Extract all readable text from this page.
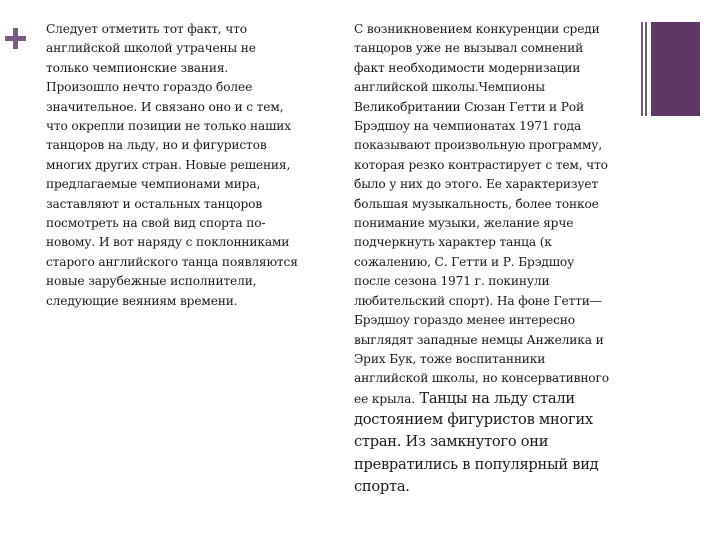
Следует отметить тот факт, что
английской школой утрачены не
только чемпионские звания.
Произошло нечто гораздо более
значительное. И связано оно и с тем,
что окрепли позиции не только наших
танцоров на льду, но и фигуристов
многих других стран. Новые решения,
предлагаемые чемпионами мира,
заставляют и остальных танцоров
посмотреть на свой вид спорта по-
новому. И вот наряду с поклонниками
старого английского танца появляются
новые зарубежные исполнители,
следующие веяниям времени.
С возникновением конкуренции среди
танцоров уже не вызывал сомнений
факт необходимости модернизации
английской школы.Чемпионы
Великобритании Сюзан Гетти и Рой
Брэдшоу на чемпионатах 1971 года
показывают произвольную программу,
которая резко контрастирует с тем, что
было у них до этого. Ее характеризует
большая музыкальность, более тонкое
понимание музыки, желание ярче
подчеркнуть характер танца (к
сожалению, С. Гетти и Р. Брэдшоу
после сезона 1971 г. покинули
любительский спорт). На фоне Гетти—
Брэдшоу гораздо менее интересно
выглядят западные немцы Анжелика и
Эрих Бук, тоже воспитанники
английской школы, но консервативного
ее крыла. Танцы на льду стали
достоянием фигуристов многих
стран. Из замкнутого они
превратились в популярный вид
спорта.
